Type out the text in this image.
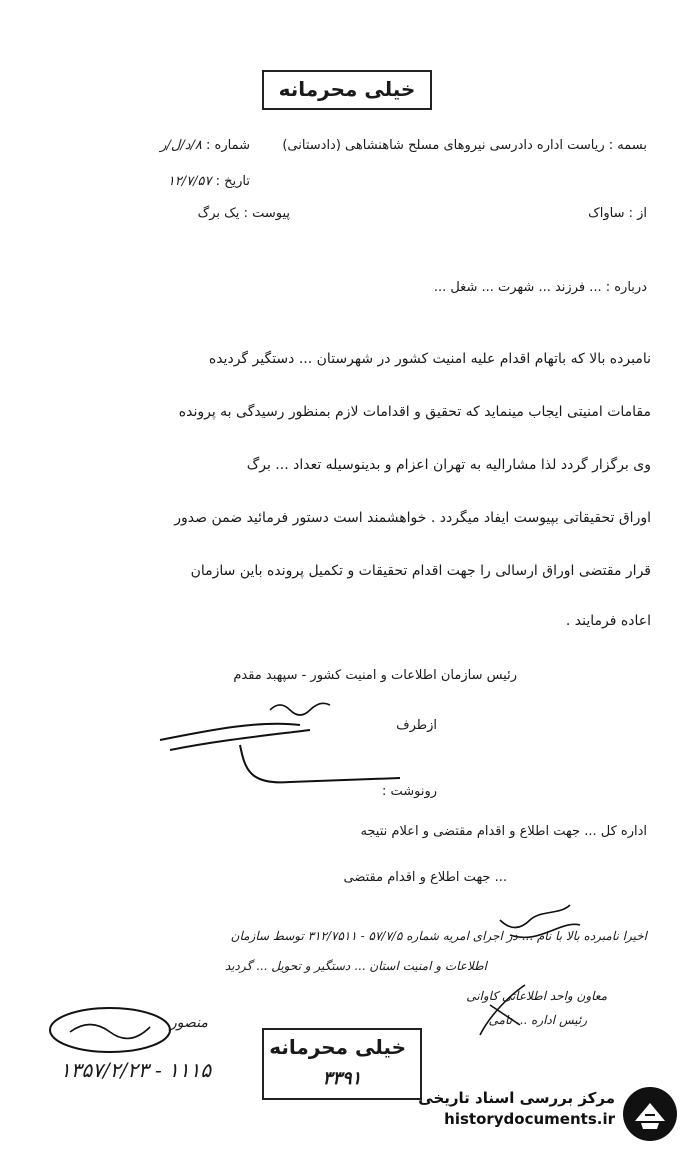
خیلی محرمانه
بسمه : ریاست اداره دادرسی نیروهای مسلح شاهنشاهی (دادستانی)
از : ساواک
شماره : ۸/د/ل/ر
تاریخ : ۱۲/۷/۵۷
پیوست : یک برگ
درباره : ... فرزند ... شهرت ... شغل ...
نامبرده بالا که باتهام اقدام علیه امنیت کشور در شهرستان ... دستگیر گردیده
مقامات امنیتی ایجاب مینماید که تحقیق و اقدامات لازم بمنظور رسیدگی به پرونده
وی برگزار گردد لذا مشارالیه به تهران اعزام و بدینوسیله تعداد ... برگ
اوراق تحقیقاتی بپیوست ایفاد میگردد . خواهشمند است دستور فرمائید ضمن صدور
قرار مقتضی اوراق ارسالی را جهت اقدام تحقیقات و تکمیل پرونده باین سازمان
اعاده فرمایند .
رئیس سازمان اطلاعات و امنیت کشور - سپهبد مقدم
ازطرف
رونوشت :
اداره کل ... جهت اطلاع و اقدام مقتضی و اعلام نتیجه
... جهت اطلاع و اقدام مقتضی
اخیرا نامبرده بالا با نام ... در اجرای امریه شماره ۵۷/۷/۵ - ۳۱۲/۷۵۱۱ توسط سازمان
اطلاعات و امنیت استان ... دستگیر و تحویل ... گردید
معاون واحد اطلاعاتی کاوانی
رئیس اداره ... نامی
منصور
۱۳۵۷/۲/۲۳ - ۱۱۱۵
خیلی محرمانه
۳۳۹۱
مرکز بررسی اسناد تاریخی
historydocuments.ir
